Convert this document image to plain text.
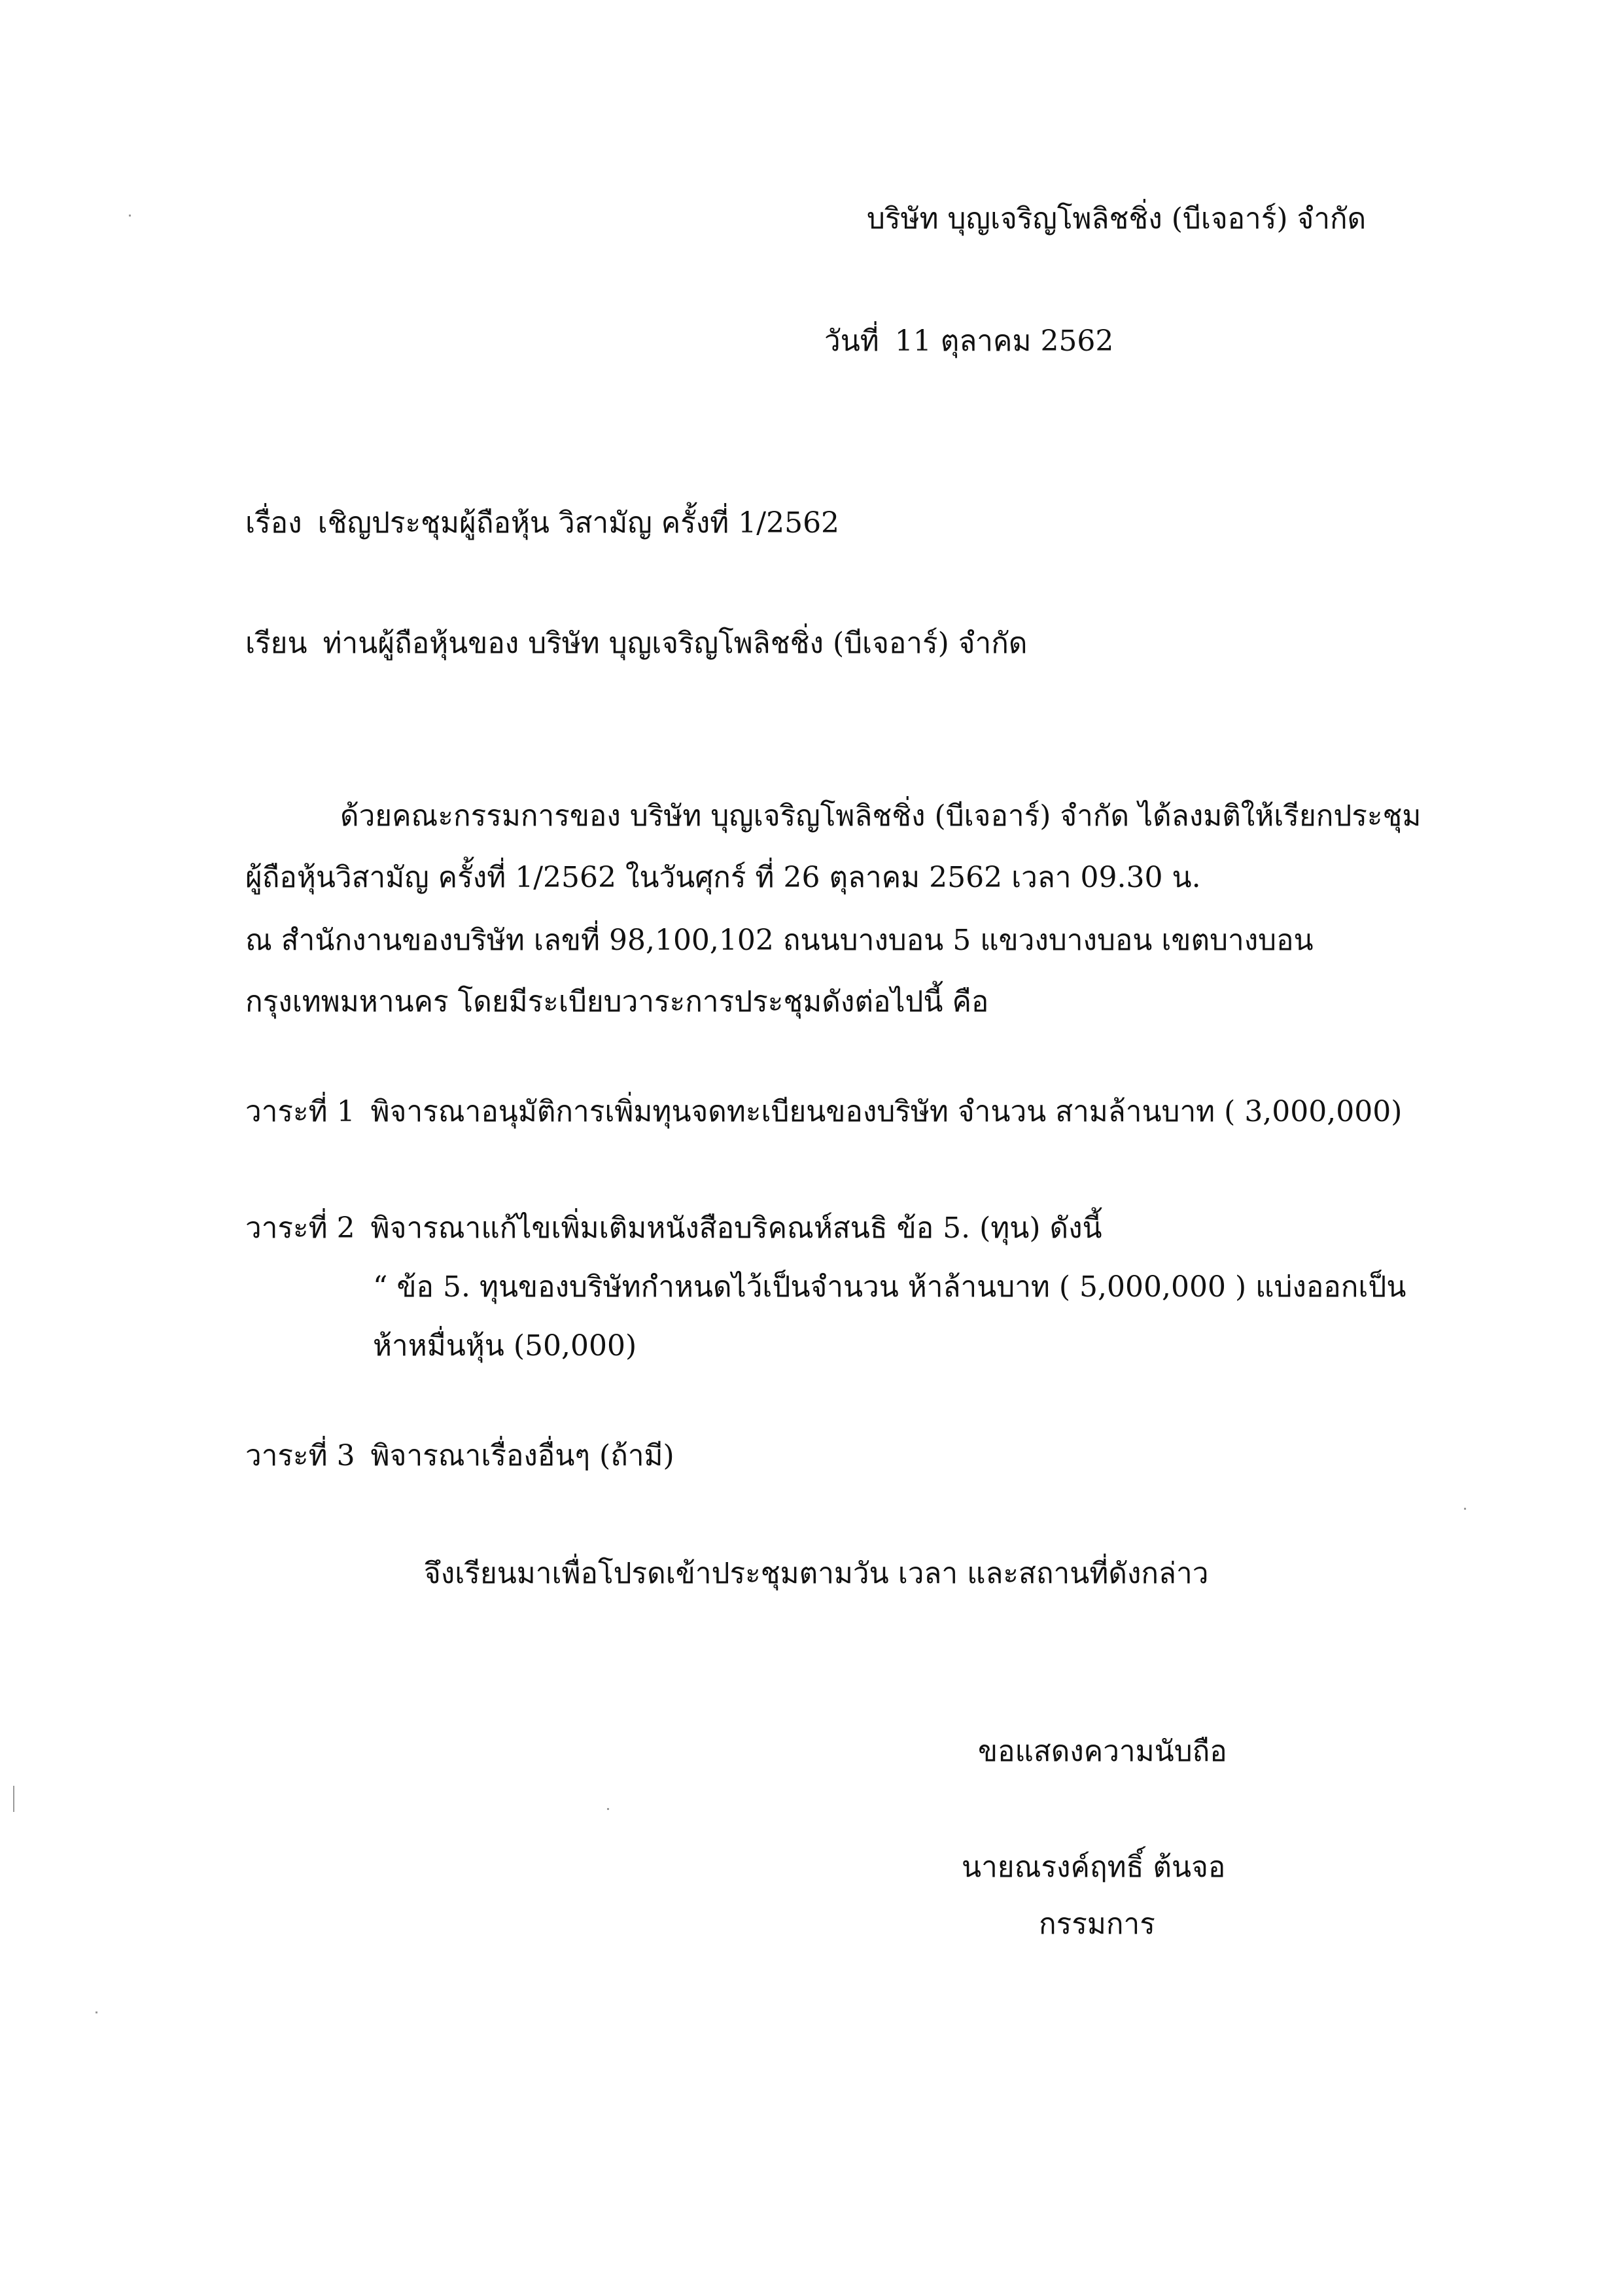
บริษัท บุญเจริญโพลิชชิ่ง (บีเจอาร์) จำกัด
วันที่ 11 ตุลาคม 2562
เรื่อง เชิญประชุมผู้ถือหุ้น วิสามัญ ครั้งที่ 1/2562
เรียน ท่านผู้ถือหุ้นของ บริษัท บุญเจริญโพลิชชิ่ง (บีเจอาร์) จำกัด
ด้วยคณะกรรมการของ บริษัท บุญเจริญโพลิชชิ่ง (บีเจอาร์) จำกัด ได้ลงมติให้เรียกประชุม
ผู้ถือหุ้นวิสามัญ ครั้งที่ 1/2562 ในวันศุกร์ ที่ 26 ตุลาคม 2562 เวลา 09.30 น.
ณ สำนักงานของบริษัท เลขที่ 98,100,102 ถนนบางบอน 5 แขวงบางบอน เขตบางบอน
กรุงเทพมหานคร โดยมีระเบียบวาระการประชุมดังต่อไปนี้ คือ
วาระที่ 1 พิจารณาอนุมัติการเพิ่มทุนจดทะเบียนของบริษัท จำนวน สามล้านบาท ( 3,000,000)
วาระที่ 2 พิจารณาแก้ไขเพิ่มเติมหนังสือบริคณห์สนธิ ข้อ 5. (ทุน) ดังนี้
“ ข้อ 5. ทุนของบริษัทกำหนดไว้เป็นจำนวน ห้าล้านบาท ( 5,000,000 ) แบ่งออกเป็น
ห้าหมื่นหุ้น (50,000)
วาระที่ 3 พิจารณาเรื่องอื่นๆ (ถ้ามี)
จึงเรียนมาเพื่อโปรดเข้าประชุมตามวัน เวลา และสถานที่ดังกล่าว
ขอแสดงความนับถือ
นายณรงค์ฤทธิ์ ต้นจอ
กรรมการ
